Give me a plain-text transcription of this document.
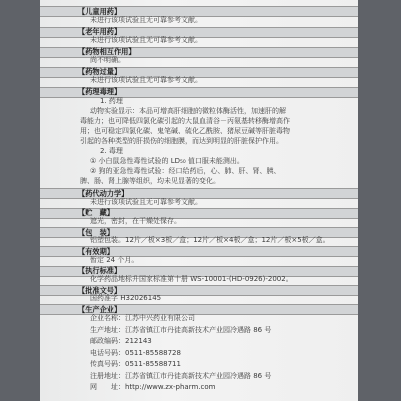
【儿童用药】
未进行该项试验且无可靠参考文献。
【老年用药】
未进行该项试验且无可靠参考文献。
【药物相互作用】
尚不明确。
【药物过量】
未进行该项试验且无可靠参考文献。
【药理毒理】
1. 药理
动物实验显示：本品可增高肝细胞的微粒体酶活性，加速肝的解
毒能力；也可降低四氯化碳引起的大鼠血清谷－丙氨基转移酶增高作
用；也可稳定四氯化碳、鬼笔碱、硫化乙酰胺、猪尿豆碱等肝脏毒物
引起的各种类型的肝损伤的细胞膜，而达到明显的肝脏保护作用。
2. 毒理
① 小白鼠急性毒性试验的 LD₅₀ 值口服未能测出。
② 狗的亚急性毒性试验：经口给药后，心、肺、肝、肾、胰、
脾、肠、肾上腺等组织，均未见显著的变化。
【药代动力学】
未进行该项试验且无可靠参考文献。
【贮　藏】
遮光，密封，在干燥处保存。
【包　装】
铝塑包装。12片／板×3板／盒；12片／板×4板／盒；12片／板×5板／盒。
【有效期】
暂定 24 个月。
【执行标准】
化学药品地标升国家标准第十册 WS-10001-(HD-0926)-2002。
【批准文号】
国药准字 H32026145
【生产企业】
企业名称：江苏中兴药业有限公司
生产地址：江苏省镇江市丹徒高新技术产业园冷遇路 86 号
邮政编码：212143
电话号码：0511-85588728
传真号码：0511-85588711
注册地址：江苏省镇江市丹徒高新技术产业园冷遇路 86 号
网　　址：http://www.zx-pharm.com
